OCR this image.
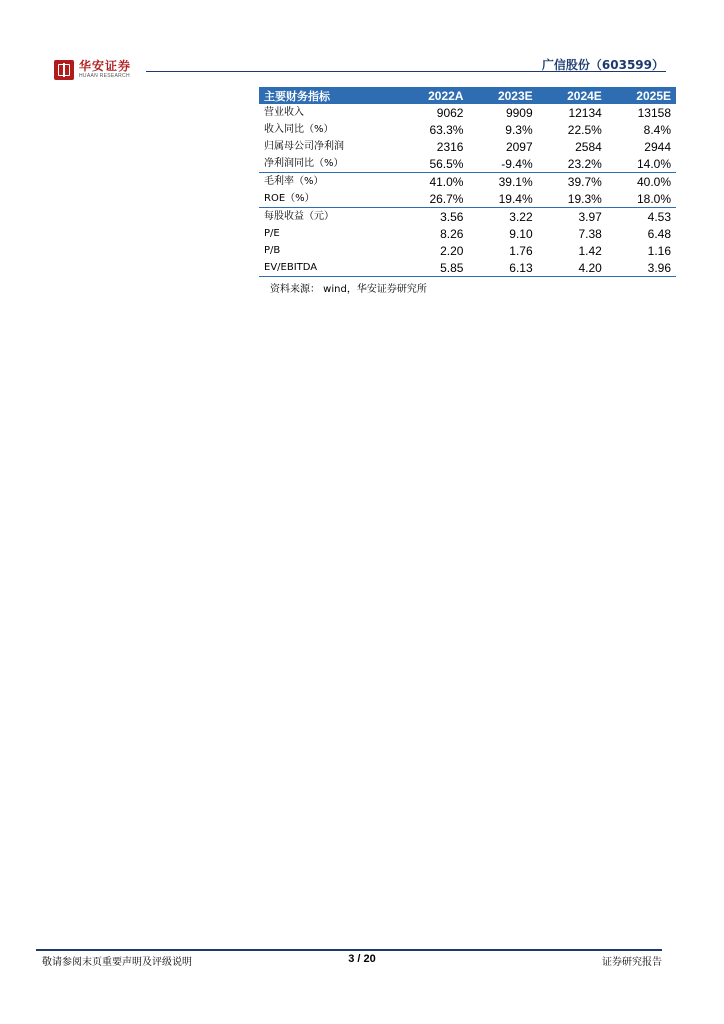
华安证券
HUAAN RESEARCH
广信股份（603599）
主要财务指标	2022A	2023E	2024E	2025E
营业收入	9062	9909	12134	13158
收入同比（%）	63.3%	9.3%	22.5%	8.4%
归属母公司净利润	2316	2097	2584	2944
净利润同比（%）	56.5%	-9.4%	23.2%	14.0%
毛利率（%）	41.0%	39.1%	39.7%	40.0%
ROE（%）	26.7%	19.4%	19.3%	18.0%
每股收益（元）	3.56	3.22	3.97	4.53
P/E	8.26	9.10	7.38	6.48
P/B	2.20	1.76	1.42	1.16
EV/EBITDA	5.85	6.13	4.20	3.96
资料来源： wind，华安证券研究所
敬请参阅末页重要声明及评级说明	3 / 20	证券研究报告
